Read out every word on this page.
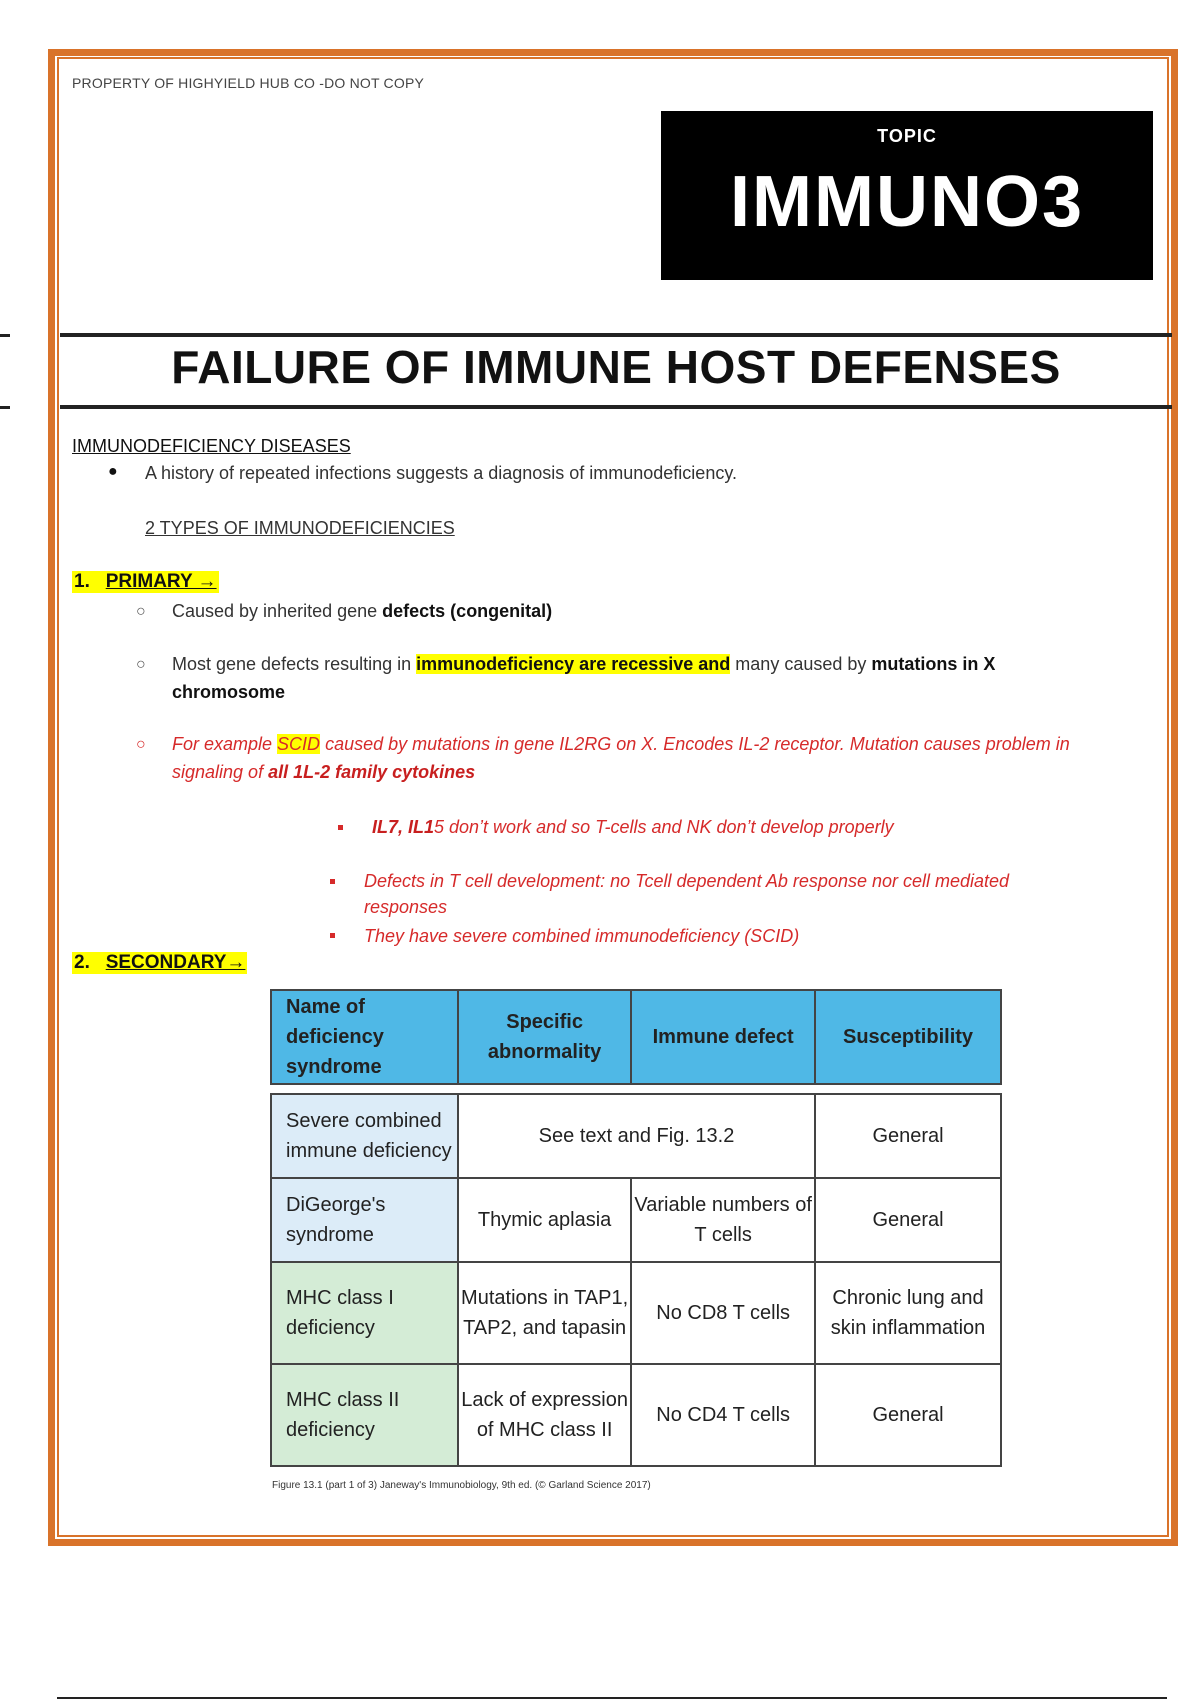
PROPERTY OF HIGHYIELD HUB CO -DO NOT COPY
TOPIC
IMMUNO3
FAILURE OF IMMUNE HOST DEFENSES
IMMUNODEFICIENCY DISEASES
● A history of repeated infections suggests a diagnosis of immunodeficiency.
2 TYPES OF IMMUNODEFICIENCIES
1. PRIMARY →
○ Caused by inherited gene defects (congenital)
○ Most gene defects resulting in immunodeficiency are recessive and many caused by mutations in X
chromosome
○ For example SCID caused by mutations in gene IL2RG on X. Encodes IL-2 receptor. Mutation causes problem in
signaling of all 1L-2 family cytokines
IL7, IL15 don’t work and so T-cells and NK don’t develop properly
Defects in T cell development: no Tcell dependent Ab response nor cell mediated
responses
They have severe combined immunodeficiency (SCID)
2. SECONDARY→
Name of deficiency syndrome	Specific abnormality	Immune defect	Susceptibility

Severe combined immune deficiency	See text and Fig. 13.2		General
DiGeorge's syndrome	Thymic aplasia	Variable numbers of T cells	General
MHC class I deficiency	Mutations in TAP1, TAP2, and tapasin	No CD8 T cells	Chronic lung and skin inflammation
MHC class II deficiency	Lack of expression of MHC class II	No CD4 T cells	General
Figure 13.1 (part 1 of 3) Janeway's Immunobiology, 9th ed. (© Garland Science 2017)
